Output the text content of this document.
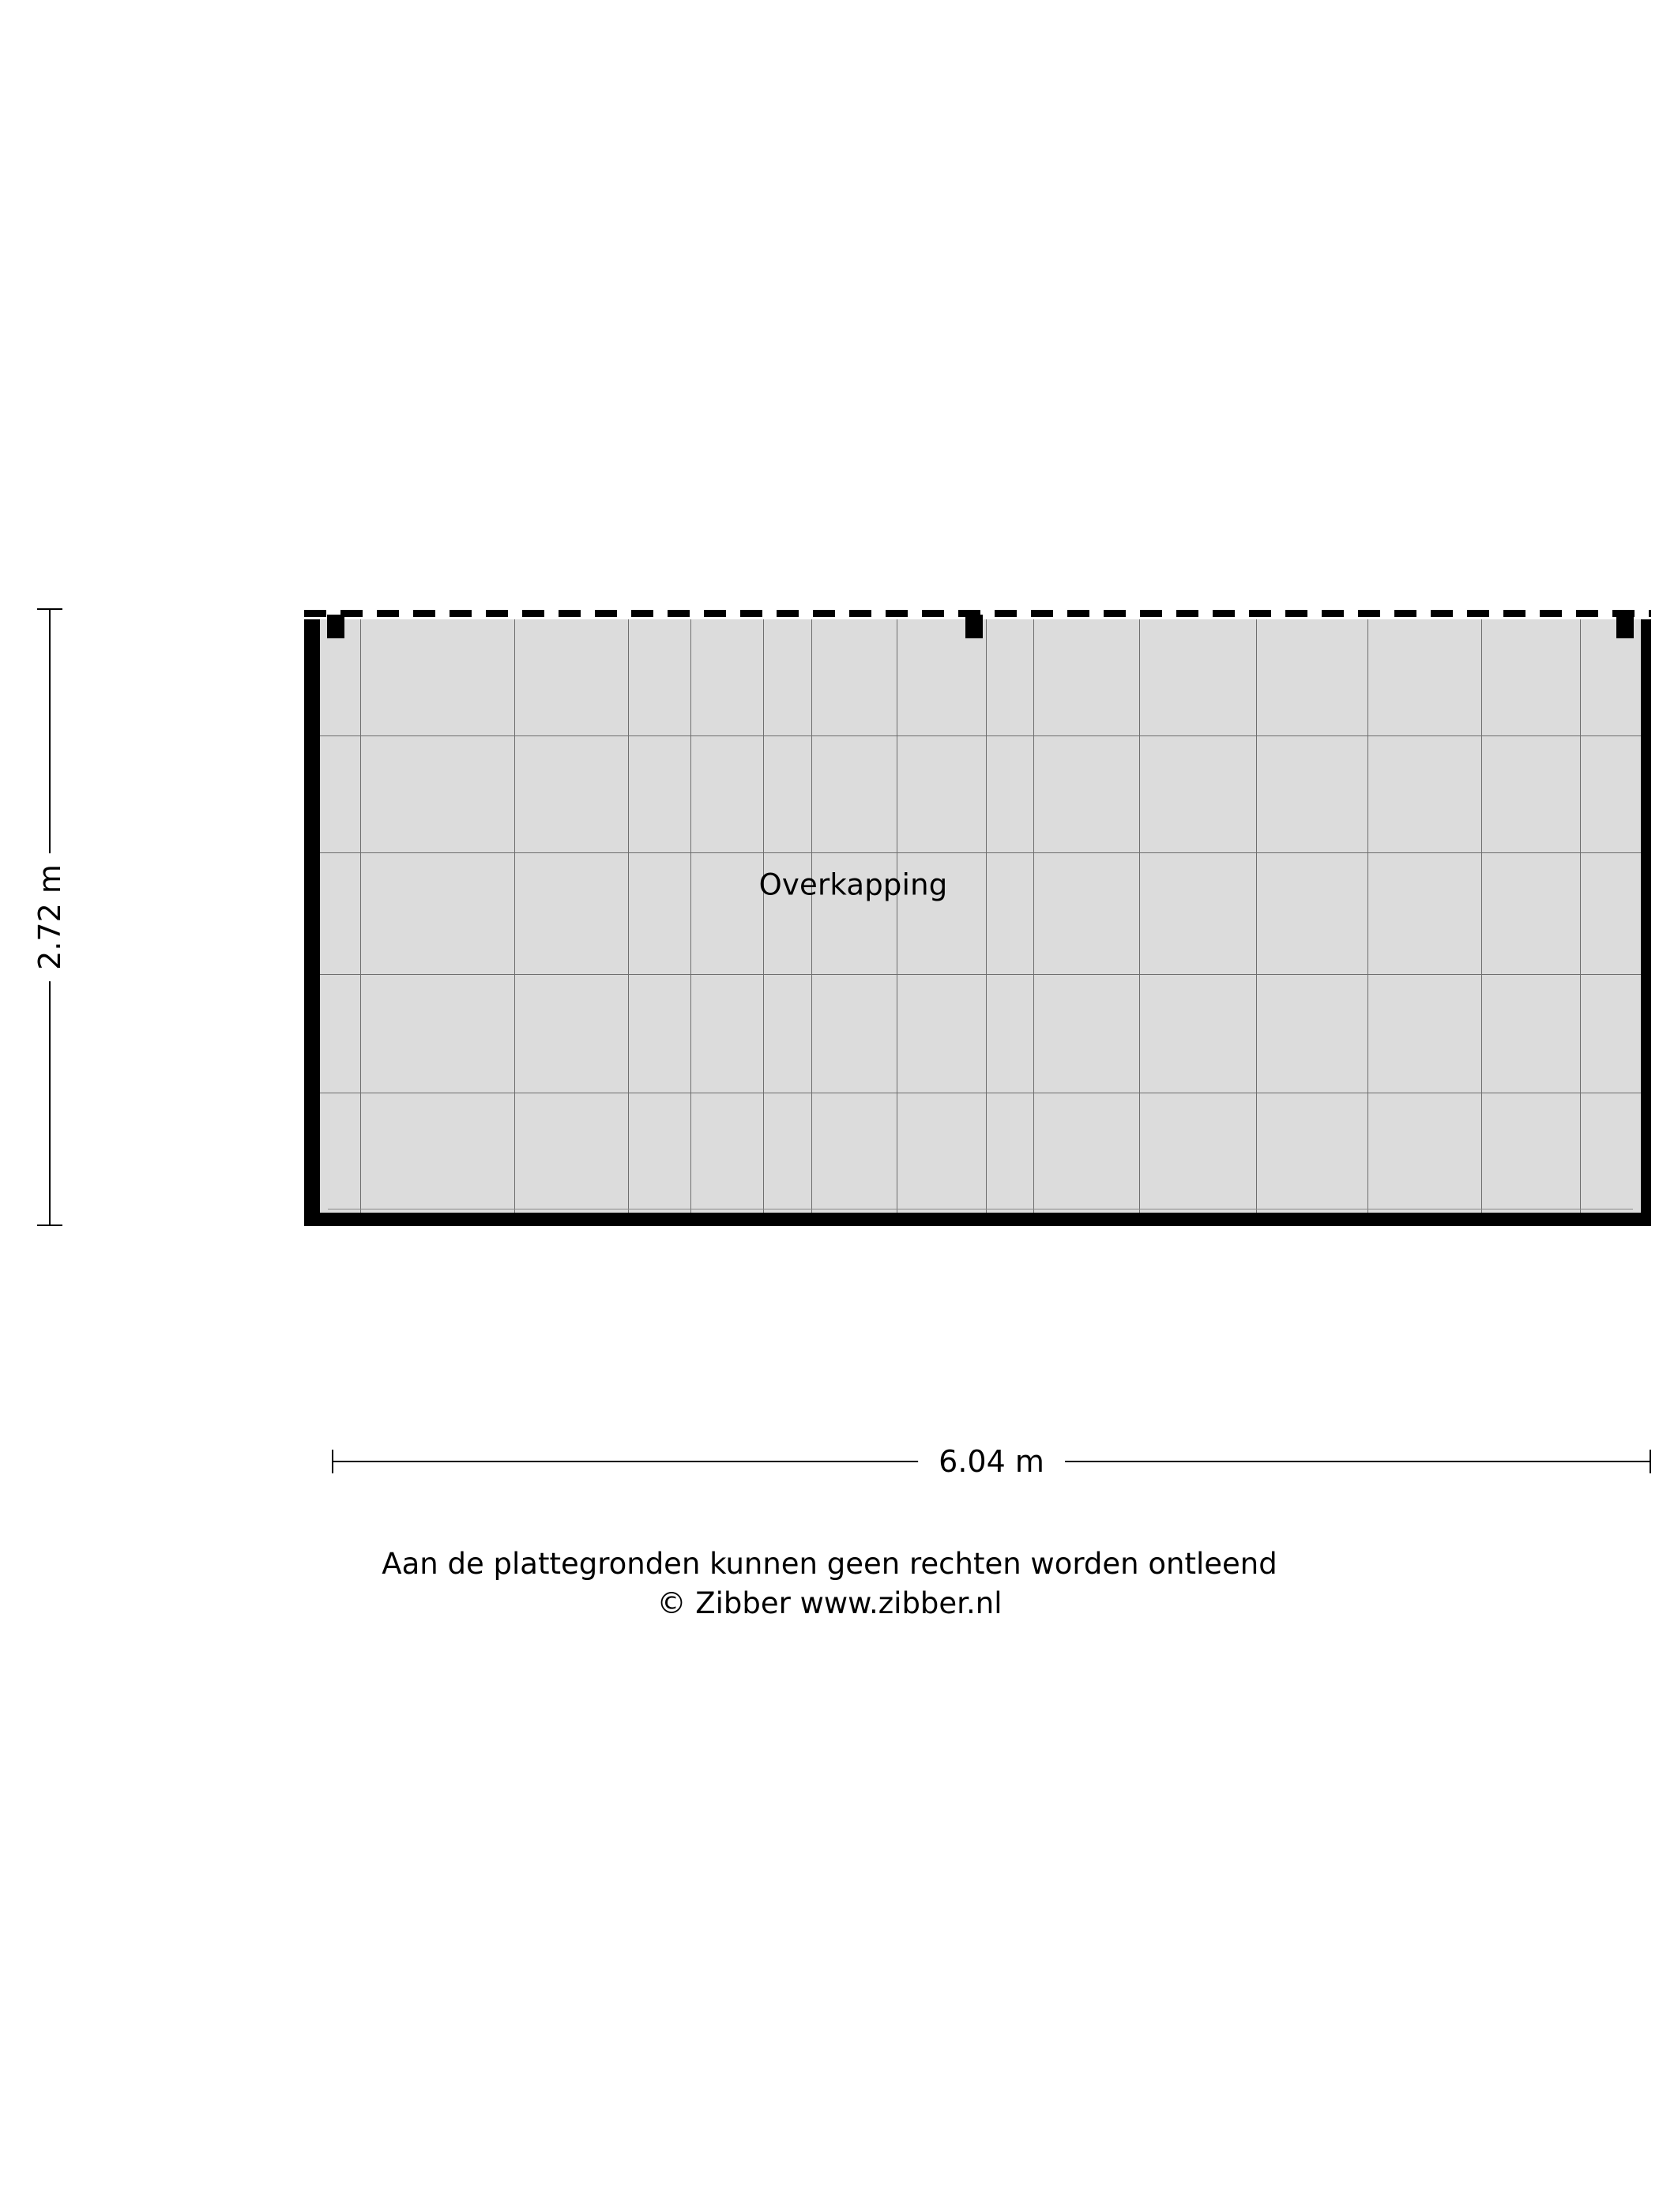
2.72 m	Overkapping
6.04 m
Aan de plattegronden kunnen geen rechten worden ontleend
© Zibber www.zibber.nl
